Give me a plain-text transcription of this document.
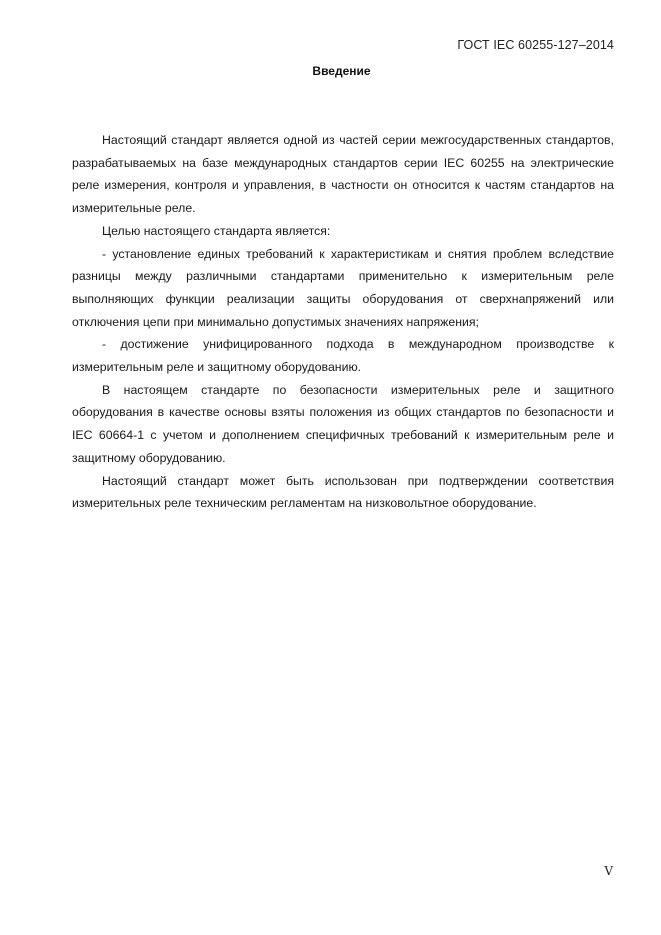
ГОСТ IEC 60255-127–2014
Введение

Настоящий стандарт является одной из частей серии межгосударственных стандартов, разрабатываемых на базе международных стандартов серии IEC 60255 на электрические реле измерения, контроля и управления, в частности он относится к частям стандартов на измерительные реле.

Целью настоящего стандарта является:

- установление единых требований к характеристикам и снятия проблем вследствие разницы между различными стандартами применительно к измерительным реле выполняющих функции реализации защиты оборудования от сверхнапряжений или отключения цепи при минимально допустимых значениях напряжения;

- достижение унифицированного подхода в международном производстве к измерительным реле и защитному оборудованию.

В настоящем стандарте по безопасности измерительных реле и защитного оборудования в качестве основы взяты положения из общих стандартов по безопасности и IEC 60664-1 с учетом и дополнением специфичных требований к измерительным реле и защитному оборудованию.

Настоящий стандарт может быть использован при подтверждении соответствия измерительных реле техническим регламентам на низковольтное оборудование.

V
